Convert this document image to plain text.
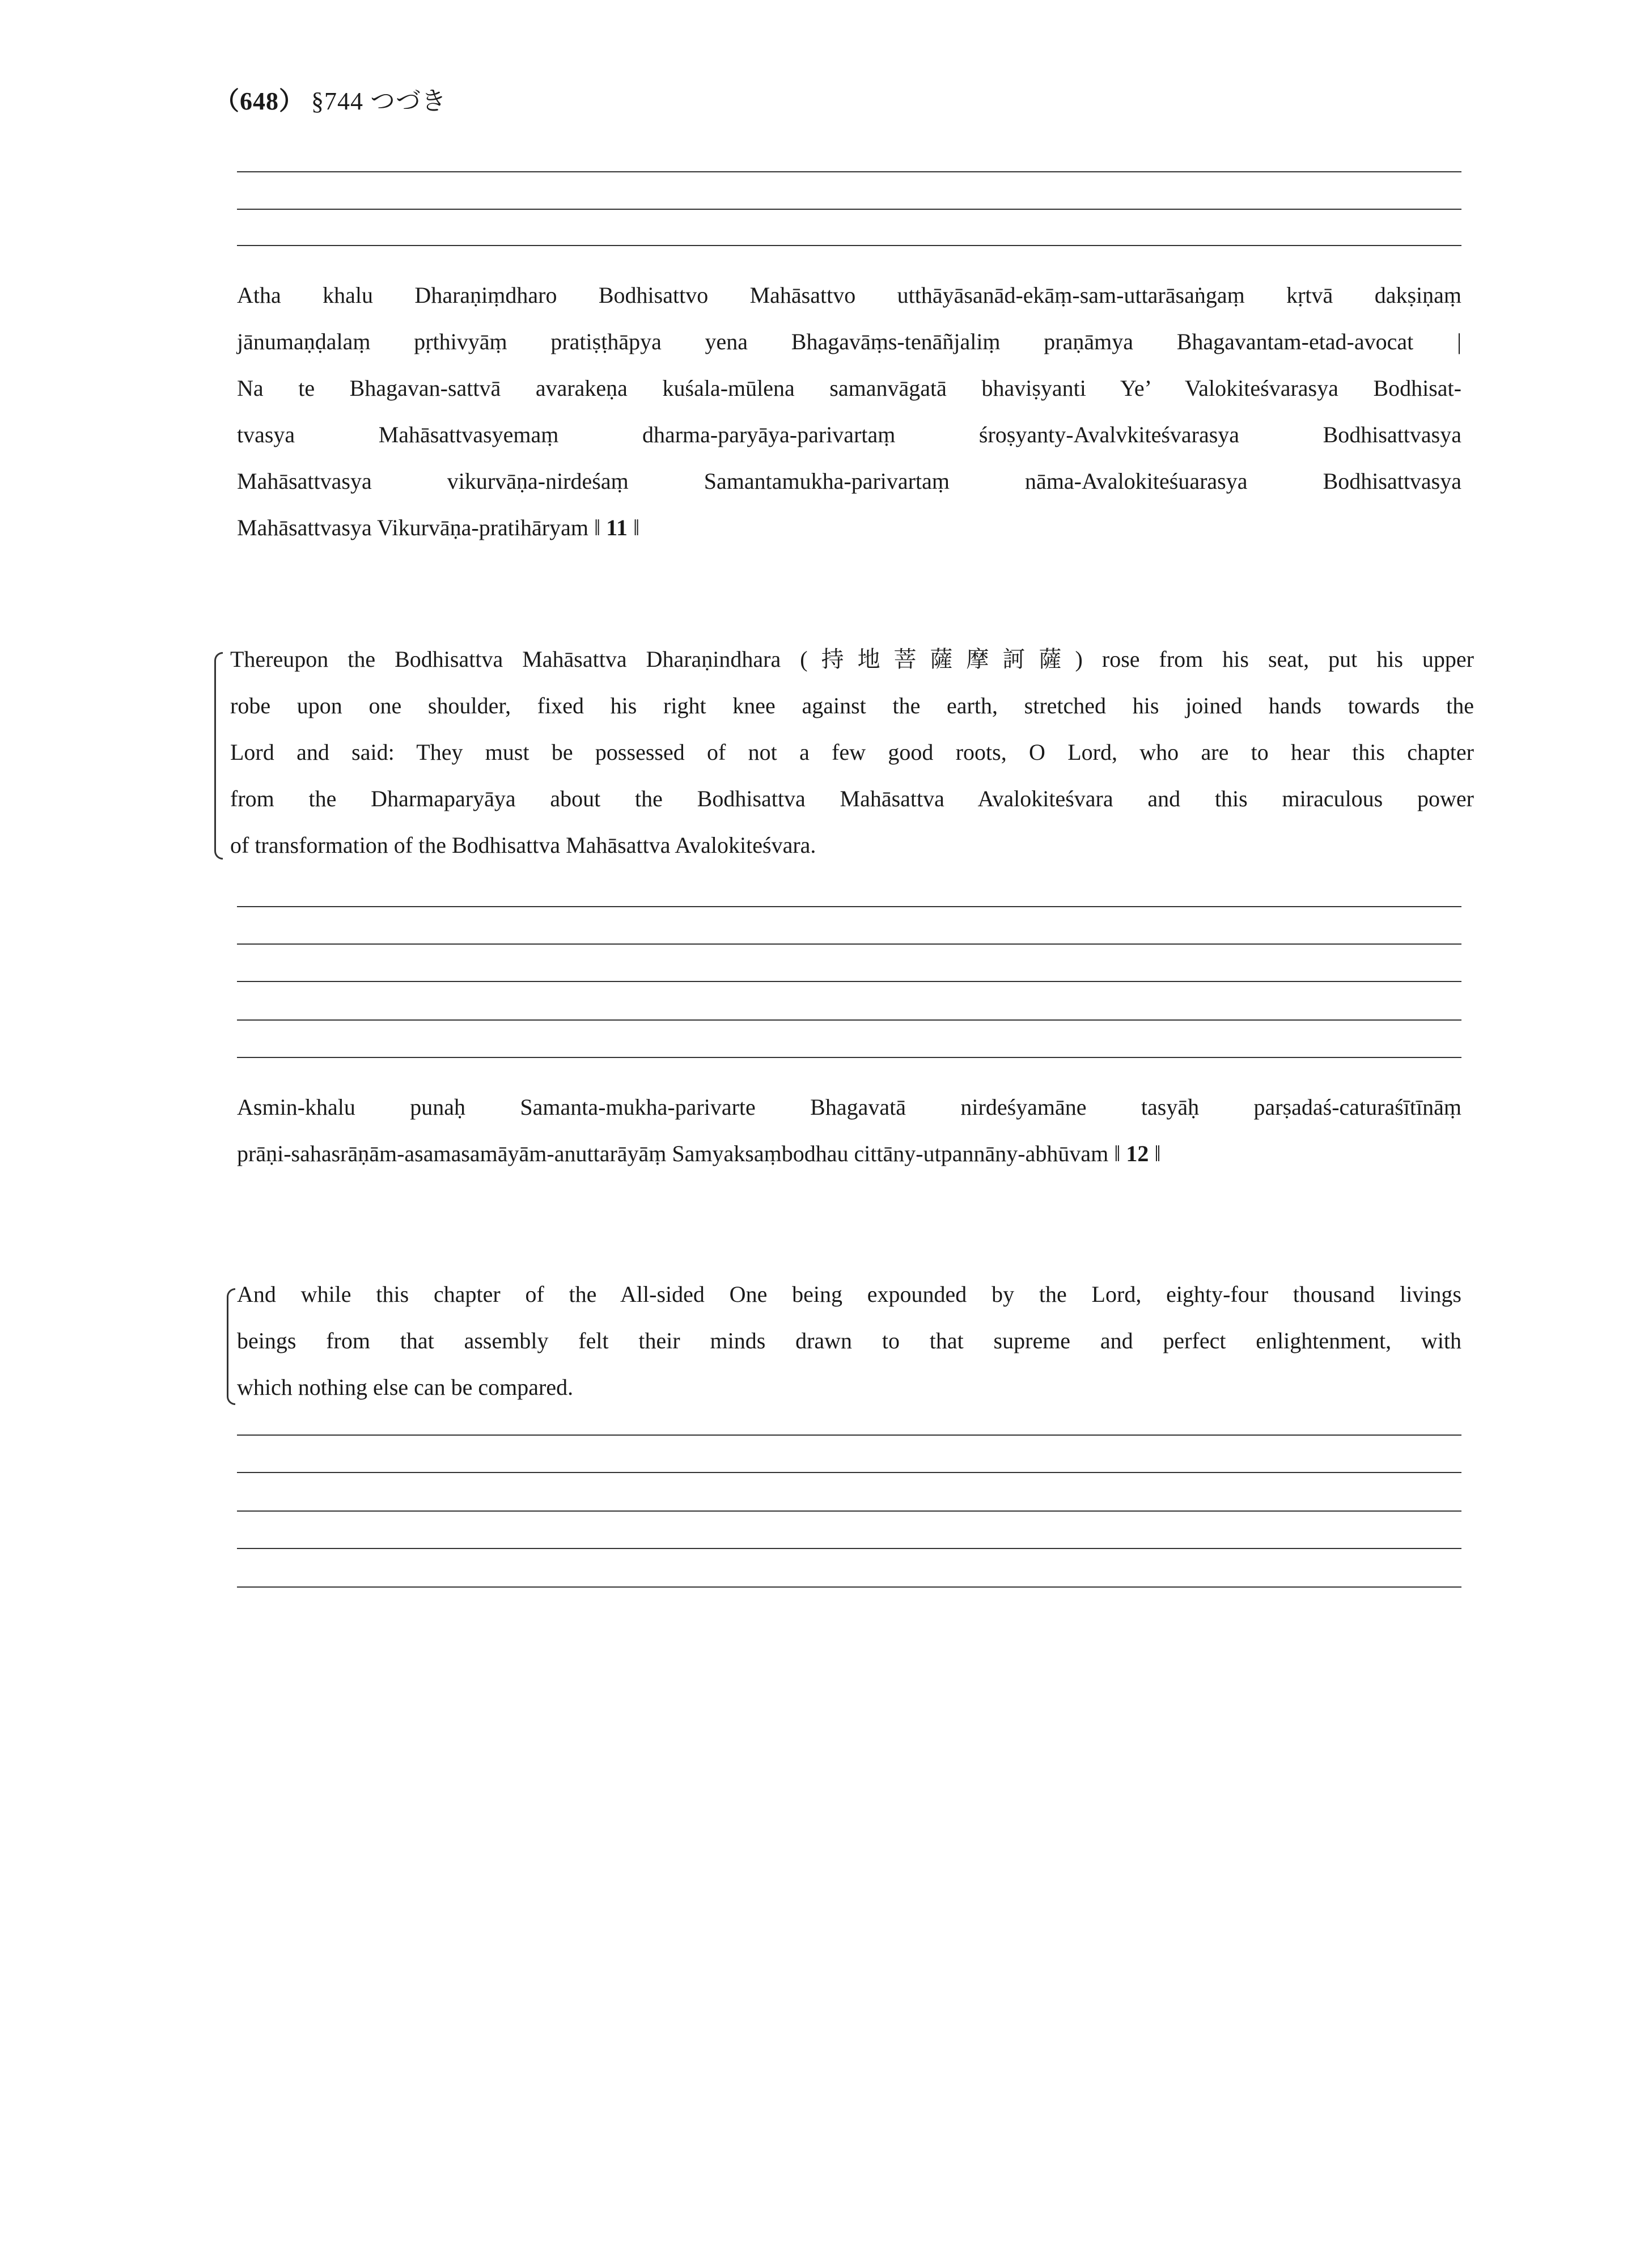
（648） §744 つづき
Atha khalu Dharaṇiṃdharo Bodhisattvo Mahāsattvo utthāyāsanād-ekāṃ-sam-uttarāsaṅgaṃ kṛtvā dakṣiṇaṃ
jānumaṇḍalaṃ pṛthivyāṃ pratiṣṭhāpya yena Bhagavāṃs-tenāñjaliṃ praṇāmya Bhagavantam-etad-avocat |
Na te Bhagavan-sattvā avarakeṇa kuśala-mūlena samanvāgatā bhaviṣyanti Ye’ Valokiteśvarasya Bodhisat-
tvasya Mahāsattvasyemaṃ dharma-paryāya-parivartaṃ śroṣyanty-Avalvkiteśvarasya Bodhisattvasya
Mahāsattvasya vikurvāṇa-nirdeśaṃ Samantamukha-parivartaṃ nāma-Avalokiteśuarasya Bodhisattvasya
Mahāsattvasya Vikurvāṇa-pratihāryam ‖ 11 ‖
Thereupon the Bodhisattva Mahāsattva Dharaṇindhara (持地菩薩摩訶薩) rose from his seat, put his upper
robe upon one shoulder, fixed his right knee against the earth, stretched his joined hands towards the
Lord and said: They must be possessed of not a few good roots, O Lord, who are to hear this chapter
from the Dharmaparyāya about the Bodhisattva Mahāsattva Avalokiteśvara and this miraculous power
of transformation of the Bodhisattva Mahāsattva Avalokiteśvara.
Asmin-khalu punaḥ Samanta-mukha-parivarte Bhagavatā nirdeśyamāne tasyāḥ parṣadaś-caturaśītīnāṃ
prāṇi-sahasrāṇām-asamasamāyām-anuttarāyāṃ Samyaksaṃbodhau cittāny-utpannāny-abhūvam ‖ 12 ‖
And while this chapter of the All-sided One being expounded by the Lord, eighty-four thousand livings
beings from that assembly felt their minds drawn to that supreme and perfect enlightenment, with
which nothing else can be compared.
